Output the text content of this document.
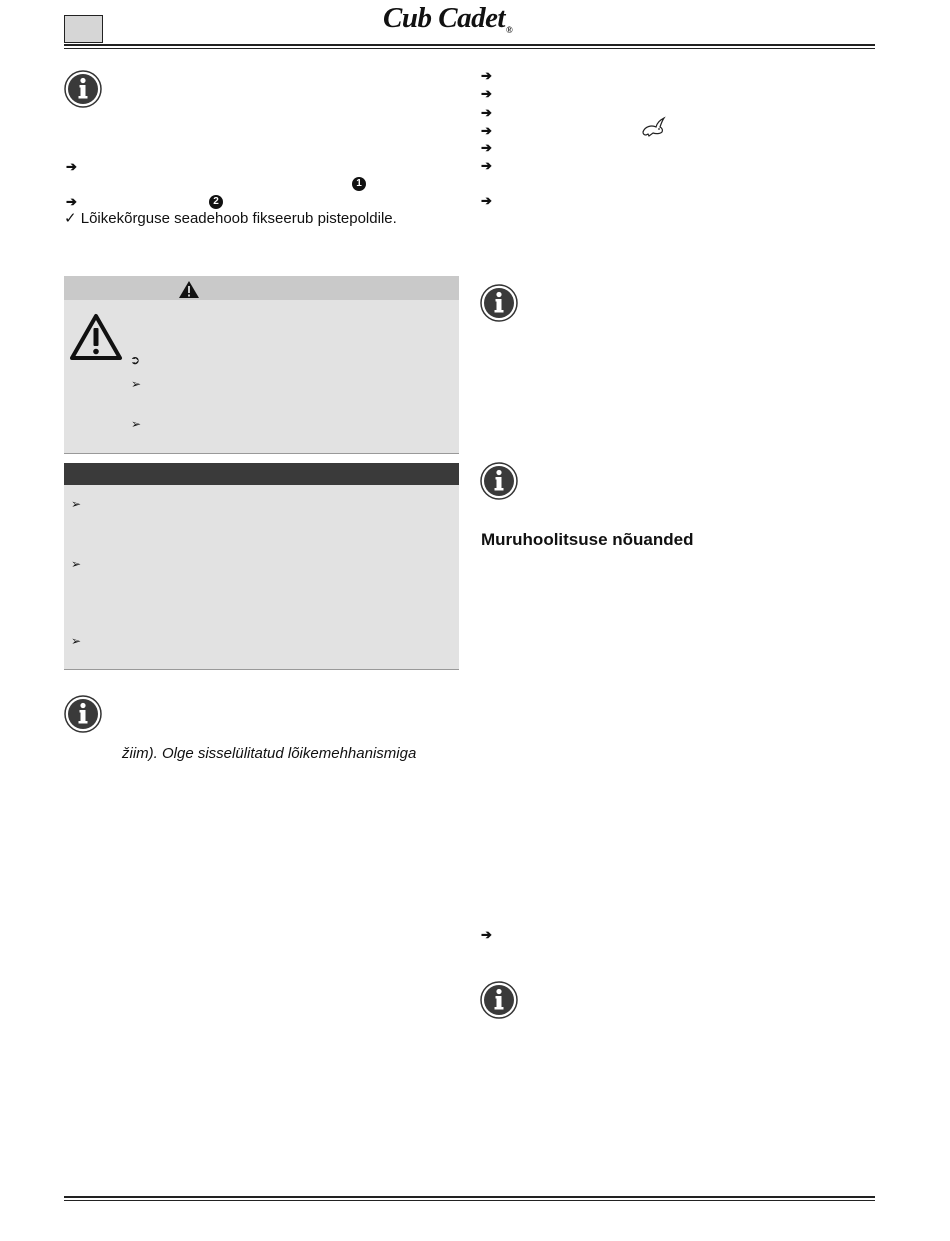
Cub Cadet®
➔
1
➔	2
✓ Lõikekõrguse seadehoob fikseerub pistepoldile.
➲
➢
➢
➢
➢
➢
žiim). Olge sisselülitatud lõikemehhanismiga
➔
➔
➔
➔
➔
➔
➔
Muruhoolitsuse nõuanded
➔
